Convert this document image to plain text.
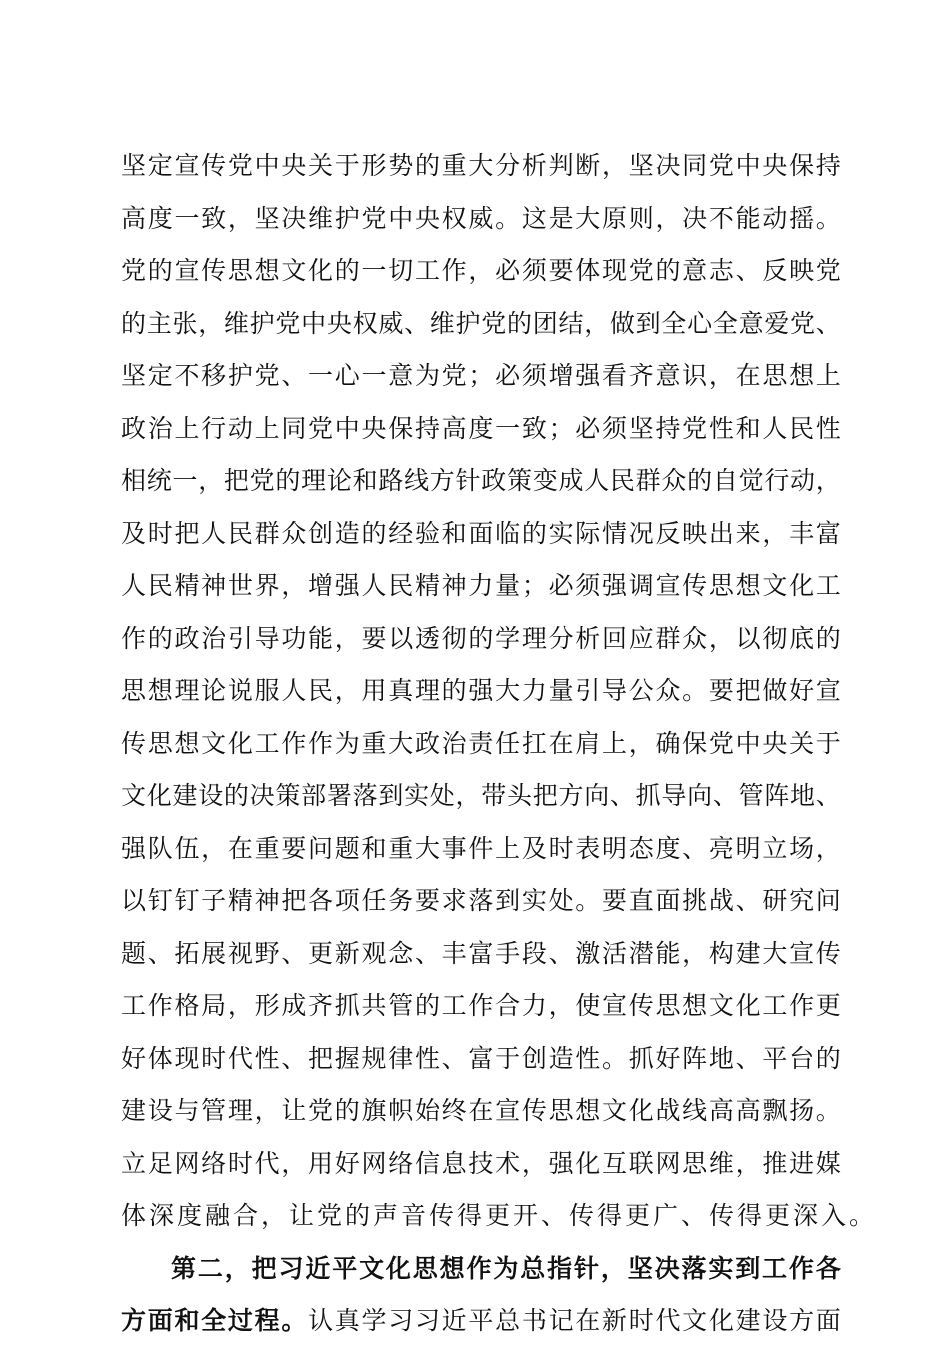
坚定宣传党中央关于形势的重大分析判断，坚决同党中央保持
高度一致，坚决维护党中央权威。这是大原则，决不能动摇。
党的宣传思想文化的一切工作，必须要体现党的意志、反映党
的主张，维护党中央权威、维护党的团结，做到全心全意爱党、
坚定不移护党、一心一意为党；必须增强看齐意识，在思想上
政治上行动上同党中央保持高度一致；必须坚持党性和人民性
相统一，把党的理论和路线方针政策变成人民群众的自觉行动，
及时把人民群众创造的经验和面临的实际情况反映出来，丰富
人民精神世界，增强人民精神力量；必须强调宣传思想文化工
作的政治引导功能，要以透彻的学理分析回应群众，以彻底的
思想理论说服人民，用真理的强大力量引导公众。要把做好宣
传思想文化工作作为重大政治责任扛在肩上，确保党中央关于
文化建设的决策部署落到实处，带头把方向、抓导向、管阵地、
强队伍，在重要问题和重大事件上及时表明态度、亮明立场，
以钉钉子精神把各项任务要求落到实处。要直面挑战、研究问
题、拓展视野、更新观念、丰富手段、激活潜能，构建大宣传
工作格局，形成齐抓共管的工作合力，使宣传思想文化工作更
好体现时代性、把握规律性、富于创造性。抓好阵地、平台的
建设与管理，让党的旗帜始终在宣传思想文化战线高高飘扬。
立足网络时代，用好网络信息技术，强化互联网思维，推进媒
体深度融合，让党的声音传得更开、传得更广、传得更深入。
第二，把习近平文化思想作为总指针，坚决落实到工作各
方面和全过程。认真学习习近平总书记在新时代文化建设方面
